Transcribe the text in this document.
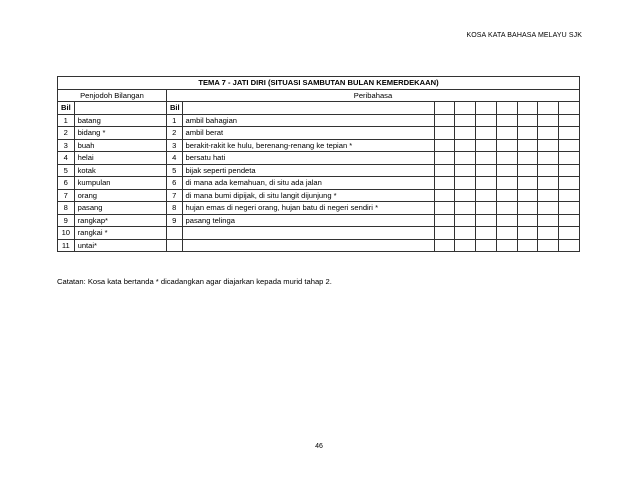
KOSA KATA BAHASA MELAYU SJK
TEMA 7 - JATI DIRI (SITUASI SAMBUTAN BULAN KEMERDEKAAN)										
Penjodoh Bilangan		Peribahasa								
Bil		Bil								
1	batang	1	ambil bahagian							
2	bidang *	2	ambil berat							
3	buah	3	berakit-rakit ke hulu, berenang-renang ke tepian *							
4	helai	4	bersatu hati							
5	kotak	5	bijak seperti pendeta							
6	kumpulan	6	di mana ada kemahuan, di situ ada jalan							
7	orang	7	di mana bumi dipijak, di situ langit dijunjung *							
8	pasang	8	hujan emas di negeri orang, hujan batu di negeri sendiri *							
9	rangkap*	9	pasang telinga							
10	rangkai *									
11	untai*									
Catatan: Kosa kata bertanda * dicadangkan agar diajarkan kepada murid tahap 2.
46
